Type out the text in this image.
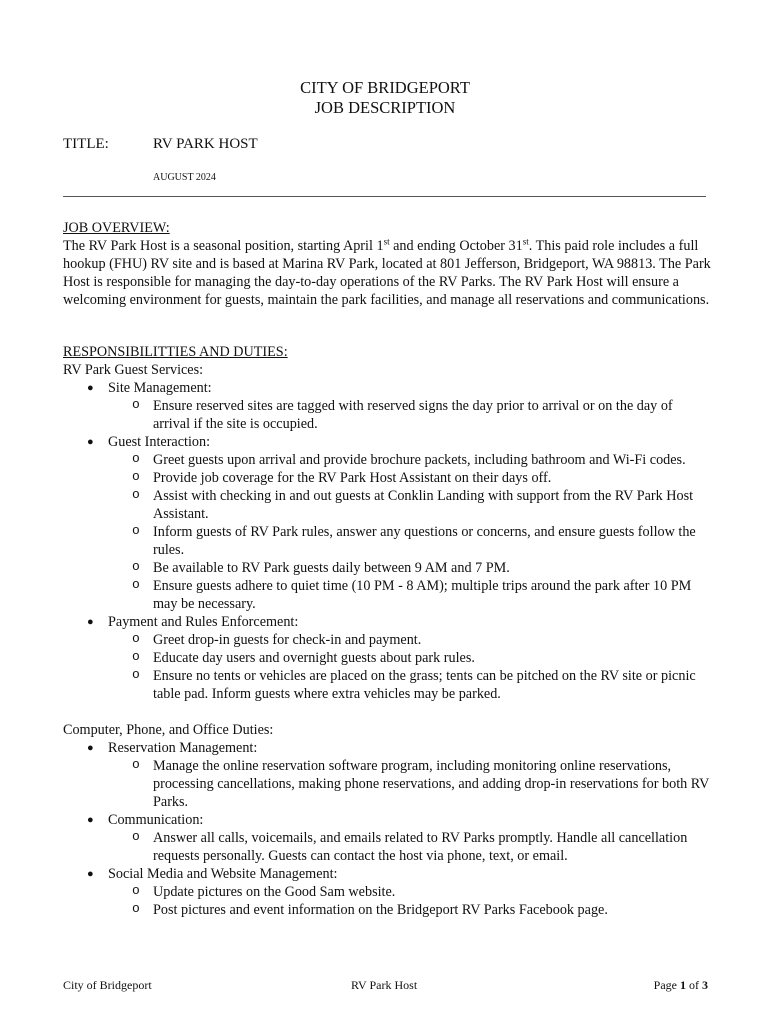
CITY OF BRIDGEPORT
JOB DESCRIPTION
TITLE:	RV PARK HOST
AUGUST 2024
JOB OVERVIEW:

The RV Park Host is a seasonal position, starting April 1st and ending October 31st. This paid role includes a full hookup (FHU) RV site and is based at Marina RV Park, located at 801 Jefferson, Bridgeport, WA 98813. The Park Host is responsible for managing the day-to-day operations of the RV Parks. The RV Park Host will ensure a welcoming environment for guests, maintain the park facilities, and manage all reservations and communications.

RESPONSIBILITTIES AND DUTIES:
RV Park Guest Services:
● Site Management:
o Ensure reserved sites are tagged with reserved signs the day prior to arrival or on the day of arrival if the site is occupied.
● Guest Interaction:
o Greet guests upon arrival and provide brochure packets, including bathroom and Wi-Fi codes.
o Provide job coverage for the RV Park Host Assistant on their days off.
o Assist with checking in and out guests at Conklin Landing with support from the RV Park Host Assistant.
o Inform guests of RV Park rules, answer any questions or concerns, and ensure guests follow the rules.
o Be available to RV Park guests daily between 9 AM and 7 PM.
o Ensure guests adhere to quiet time (10 PM - 8 AM); multiple trips around the park after 10 PM may be necessary.
● Payment and Rules Enforcement:
o Greet drop-in guests for check-in and payment.
o Educate day users and overnight guests about park rules.
o Ensure no tents or vehicles are placed on the grass; tents can be pitched on the RV site or picnic table pad. Inform guests where extra vehicles may be parked.
Computer, Phone, and Office Duties:
● Reservation Management:
o Manage the online reservation software program, including monitoring online reservations, processing cancellations, making phone reservations, and adding drop-in reservations for both RV Parks.
● Communication:
o Answer all calls, voicemails, and emails related to RV Parks promptly. Handle all cancellation requests personally. Guests can contact the host via phone, text, or email.
● Social Media and Website Management:
o Update pictures on the Good Sam website.
o Post pictures and event information on the Bridgeport RV Parks Facebook page.
City of Bridgeport	RV Park Host	Page 1 of 3
